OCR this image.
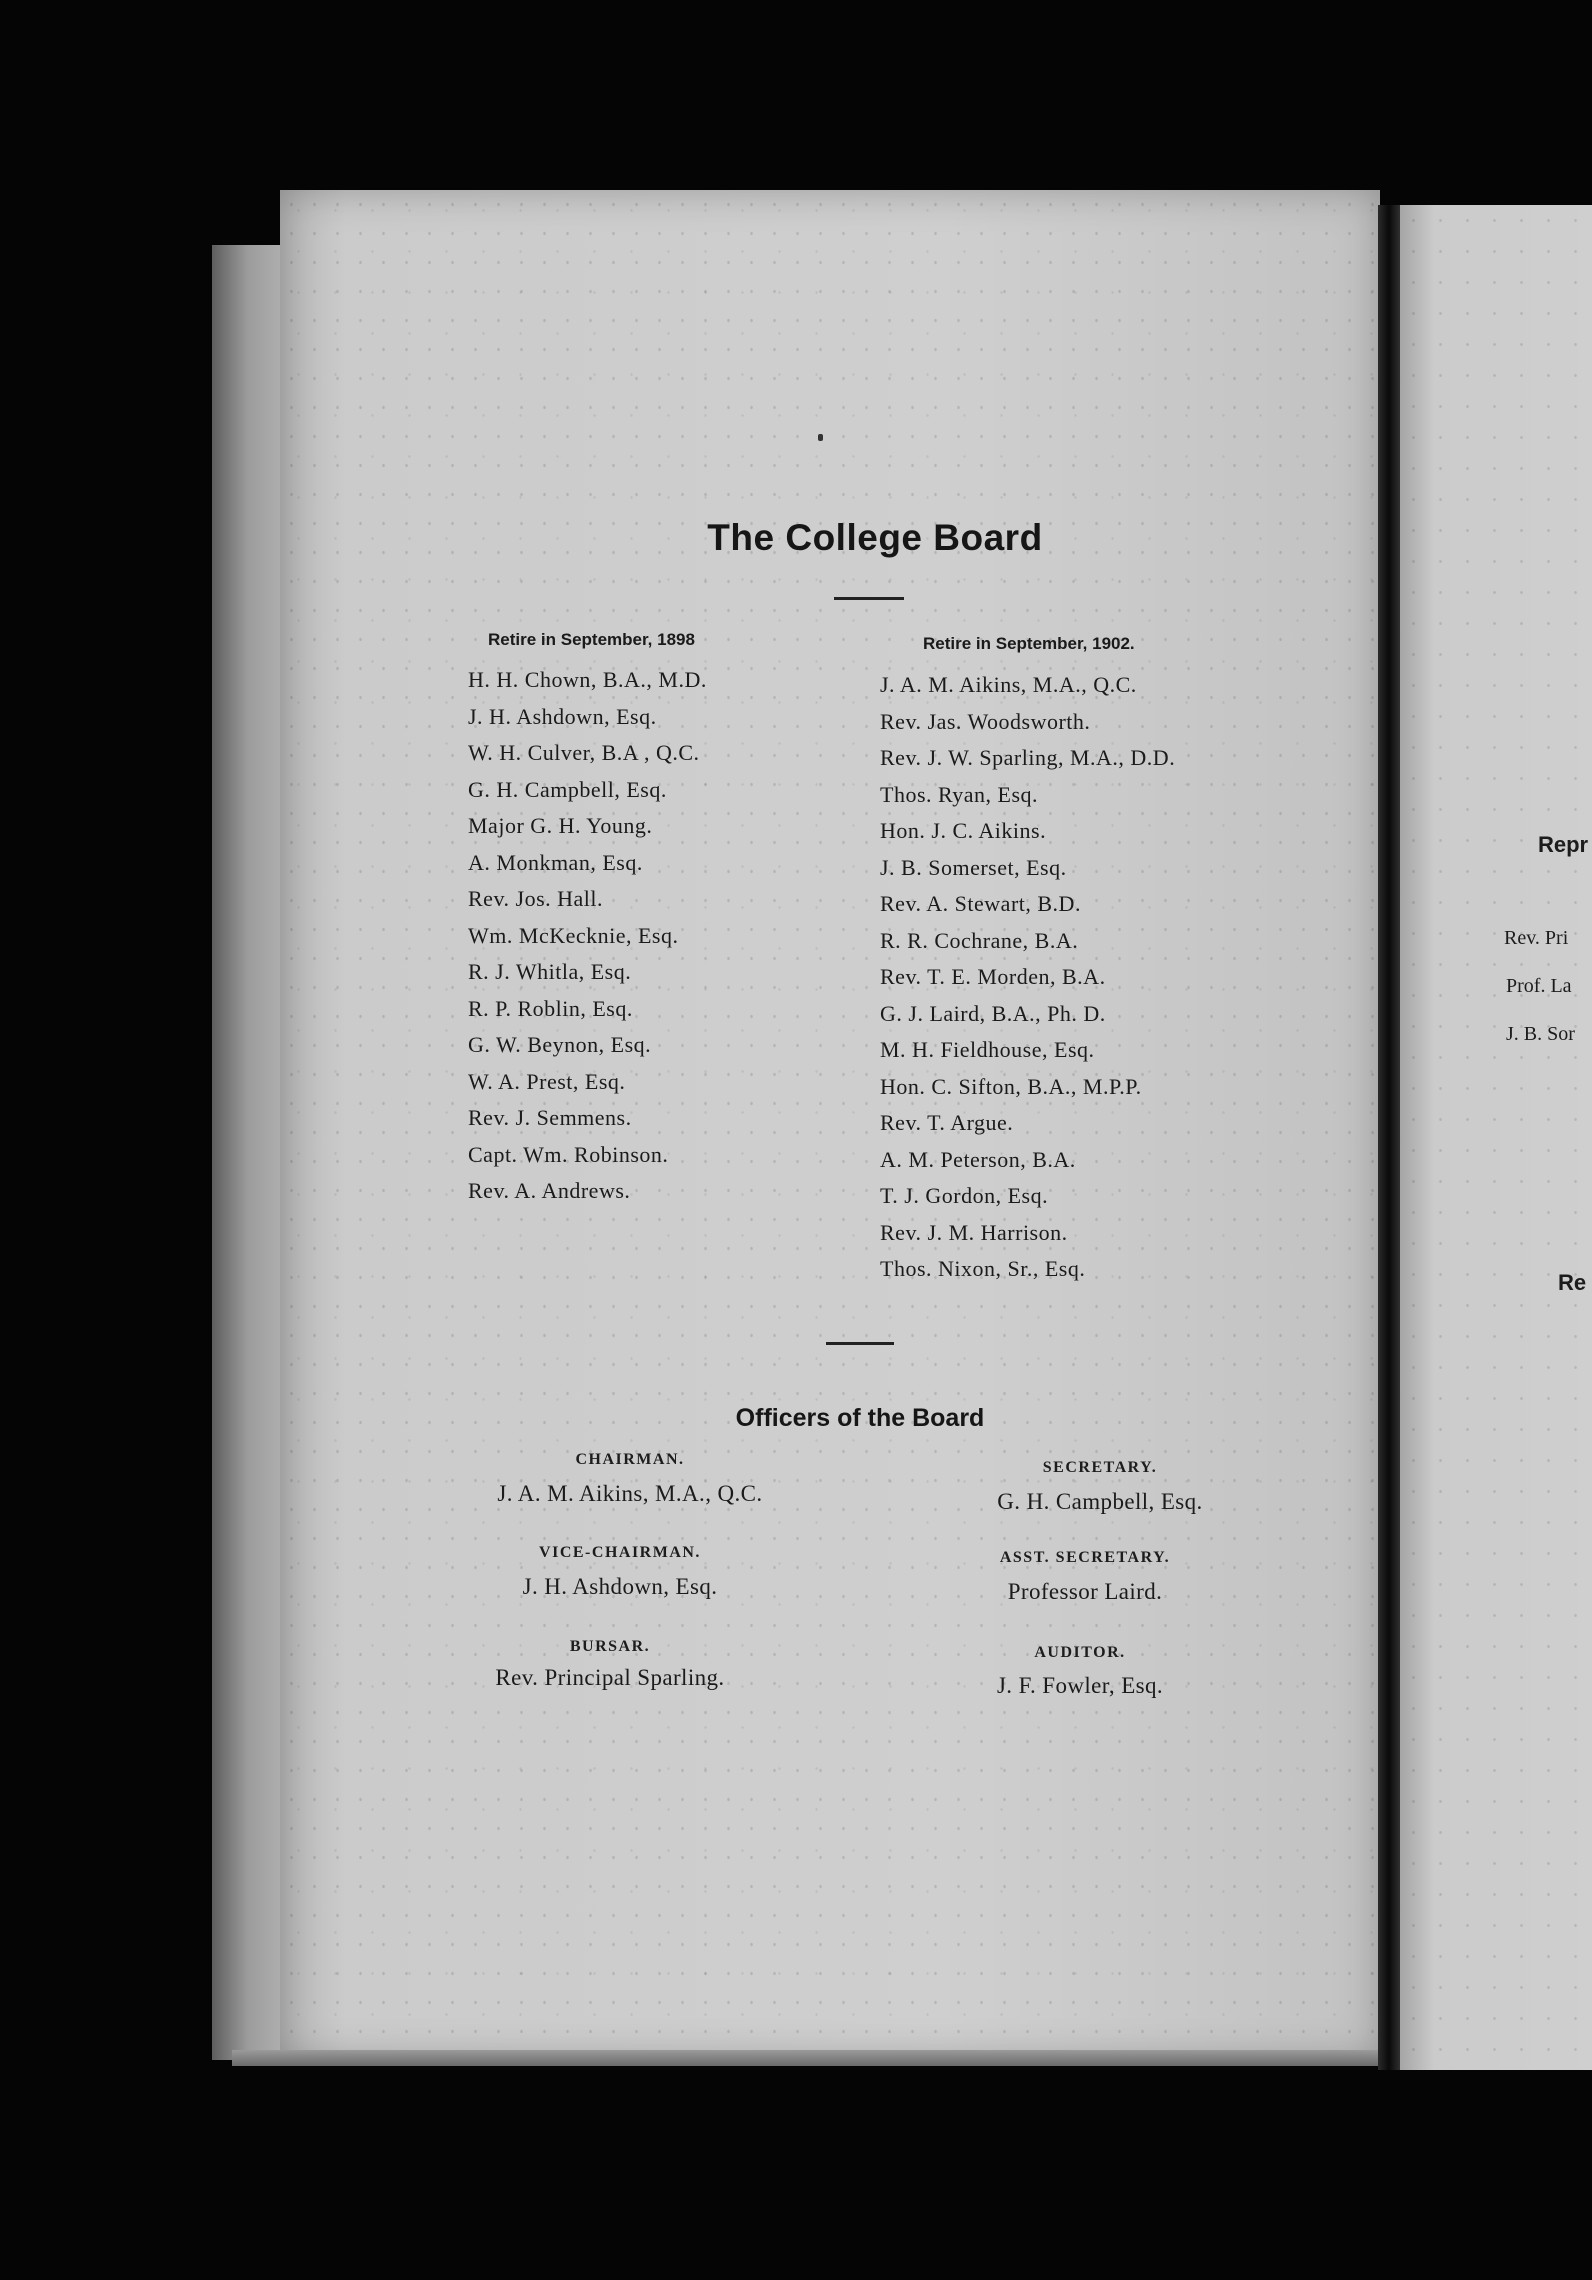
Repr
Rev. Pri
Prof. La
J. B. Sor
Re
The College Board
Retire in September, 1898	Retire in September, 1902.
H. H. Chown, B.A., M.D.
J. H. Ashdown, Esq.
W. H. Culver, B.A , Q.C.
G. H. Campbell, Esq.
Major G. H. Young.
A. Monkman, Esq.
Rev. Jos. Hall.
Wm. McKecknie, Esq.
R. J. Whitla, Esq.
R. P. Roblin, Esq.
G. W. Beynon, Esq.
W. A. Prest, Esq.
Rev. J. Semmens.
Capt. Wm. Robinson.
Rev. A. Andrews.
J. A. M. Aikins, M.A., Q.C.
Rev. Jas. Woodsworth.
Rev. J. W. Sparling, M.A., D.D.
Thos. Ryan, Esq.
Hon. J. C. Aikins.
J. B. Somerset, Esq.
Rev. A. Stewart, B.D.
R. R. Cochrane, B.A.
Rev. T. E. Morden, B.A.
G. J. Laird, B.A., Ph. D.
M. H. Fieldhouse, Esq.
Hon. C. Sifton, B.A., M.P.P.
Rev. T. Argue.
A. M. Peterson, B.A.
T. J. Gordon, Esq.
Rev. J. M. Harrison.
Thos. Nixon, Sr., Esq.
Officers of the Board
CHAIRMAN.
J. A. M. Aikins, M.A., Q.C.
SECRETARY.
G. H. Campbell, Esq.
VICE-CHAIRMAN.
J. H. Ashdown, Esq.
ASST. SECRETARY.
Professor Laird.
BURSAR.
Rev. Principal Sparling.
AUDITOR.
J. F. Fowler, Esq.
